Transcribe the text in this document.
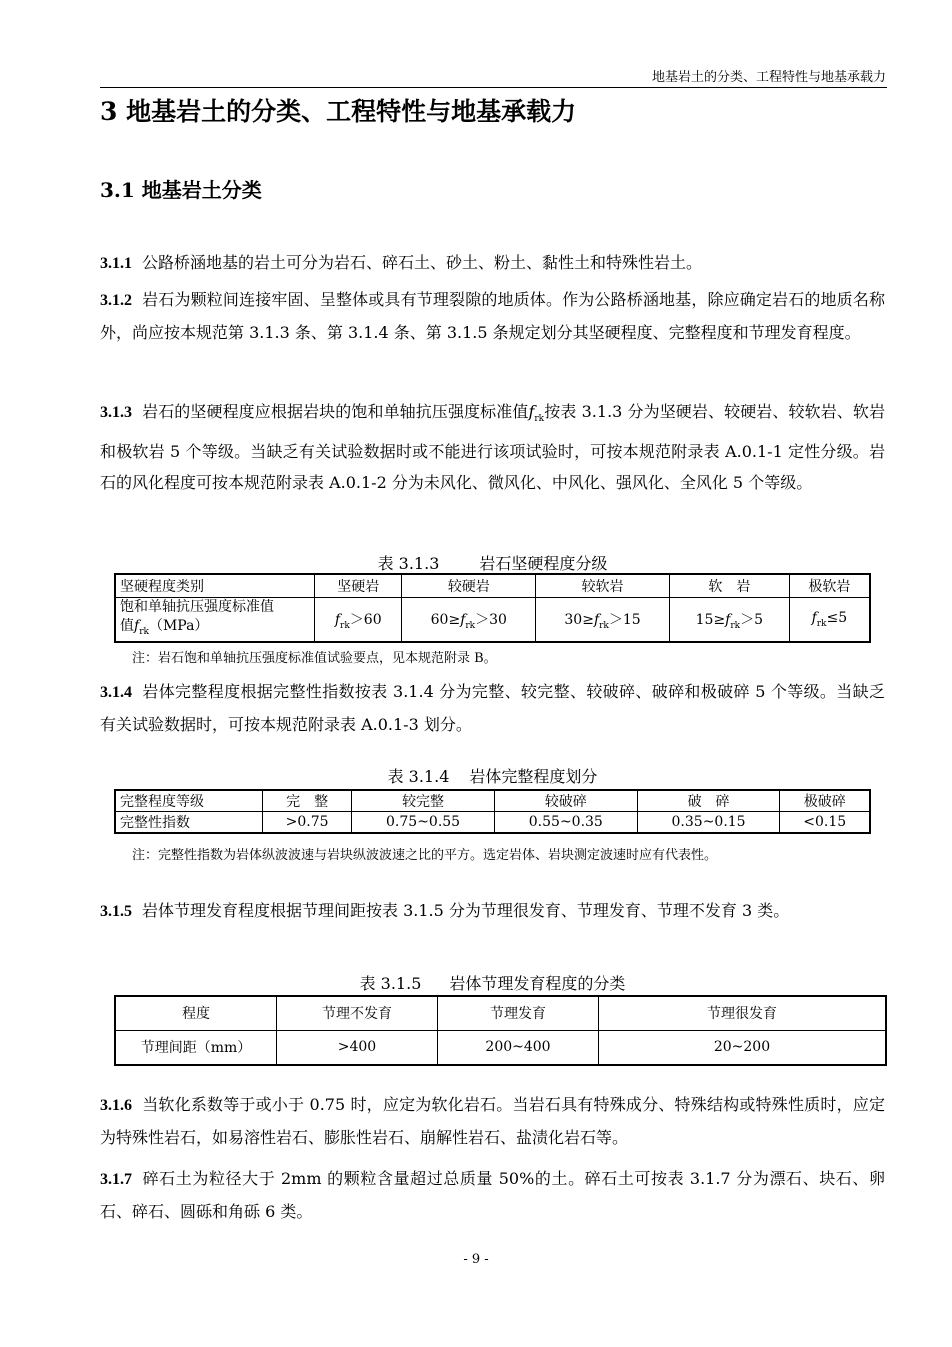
地基岩土的分类、工程特性与地基承载力
3 地基岩土的分类、工程特性与地基承载力
3.1 地基岩土分类
3.1.1 公路桥涵地基的岩土可分为岩石、碎石土、砂土、粉土、黏性土和特殊性岩土。
3.1.2 岩石为颗粒间连接牢固、呈整体或具有节理裂隙的地质体。作为公路桥涵地基，除应确定岩石的地质名称外，尚应按本规范第 3.1.3 条、第 3.1.4 条、第 3.1.5 条规定划分其坚硬程度、完整程度和节理发育程度。
3.1.3 岩石的坚硬程度应根据岩块的饱和单轴抗压强度标准值$f_{rk}$按表 3.1.3 分为坚硬岩、较硬岩、较软岩、软岩和极软岩 5 个等级。当缺乏有关试验数据时或不能进行该项试验时，可按本规范附录表 A.0.1-1 定性分级。岩石的风化程度可按本规范附录表 A.0.1-2 分为未风化、微风化、中风化、强风化、全风化 5 个等级。
表 3.1.3	岩石坚硬程度分级
坚硬程度类别	坚硬岩	较硬岩	较软岩	软　岩	极软岩
饱和单轴抗压强度标准值
值$f_{rk}(MPa)$	$f_{rk}>60$	$60\ge f_{rk}>30$	$30\ge f_{rk}>15$	$15\ge f_{rk}>5$	$f_{rk}\le 5$
注：岩石饱和单轴抗压强度标准值试验要点，见本规范附录 B。
3.1.4 岩体完整程度根据完整性指数按表 3.1.4 分为完整、较完整、较破碎、破碎和极破碎 5 个等级。当缺乏有关试验数据时，可按本规范附录表 A.0.1-3 划分。
表 3.1.4 岩体完整程度划分
完整程度等级	完　整	较完整	较破碎	破　碎	极破碎
完整性指数	>0.75	0.75~0.55	0.55~0.35	0.35~0.15	<0.15
注：完整性指数为岩体纵波波速与岩块纵波波速之比的平方。选定岩体、岩块测定波速时应有代表性。
3.1.5 岩体节理发育程度根据节理间距按表 3.1.5 分为节理很发育、节理发育、节理不发育 3 类。
表 3.1.5 岩体节理发育程度的分类
程度	节理不发育	节理发育	节理很发育
节理间距（mm）	>400	200~400	20~200
3.1.6 当软化系数等于或小于 0.75 时，应定为软化岩石。当岩石具有特殊成分、特殊结构或特殊性质时，应定为特殊性岩石，如易溶性岩石、膨胀性岩石、崩解性岩石、盐渍化岩石等。
3.1.7 碎石土为粒径大于 2mm 的颗粒含量超过总质量 50%的土。碎石土可按表 3.1.7 分为漂石、块石、卵石、碎石、圆砾和角砾 6 类。
- 9 -
